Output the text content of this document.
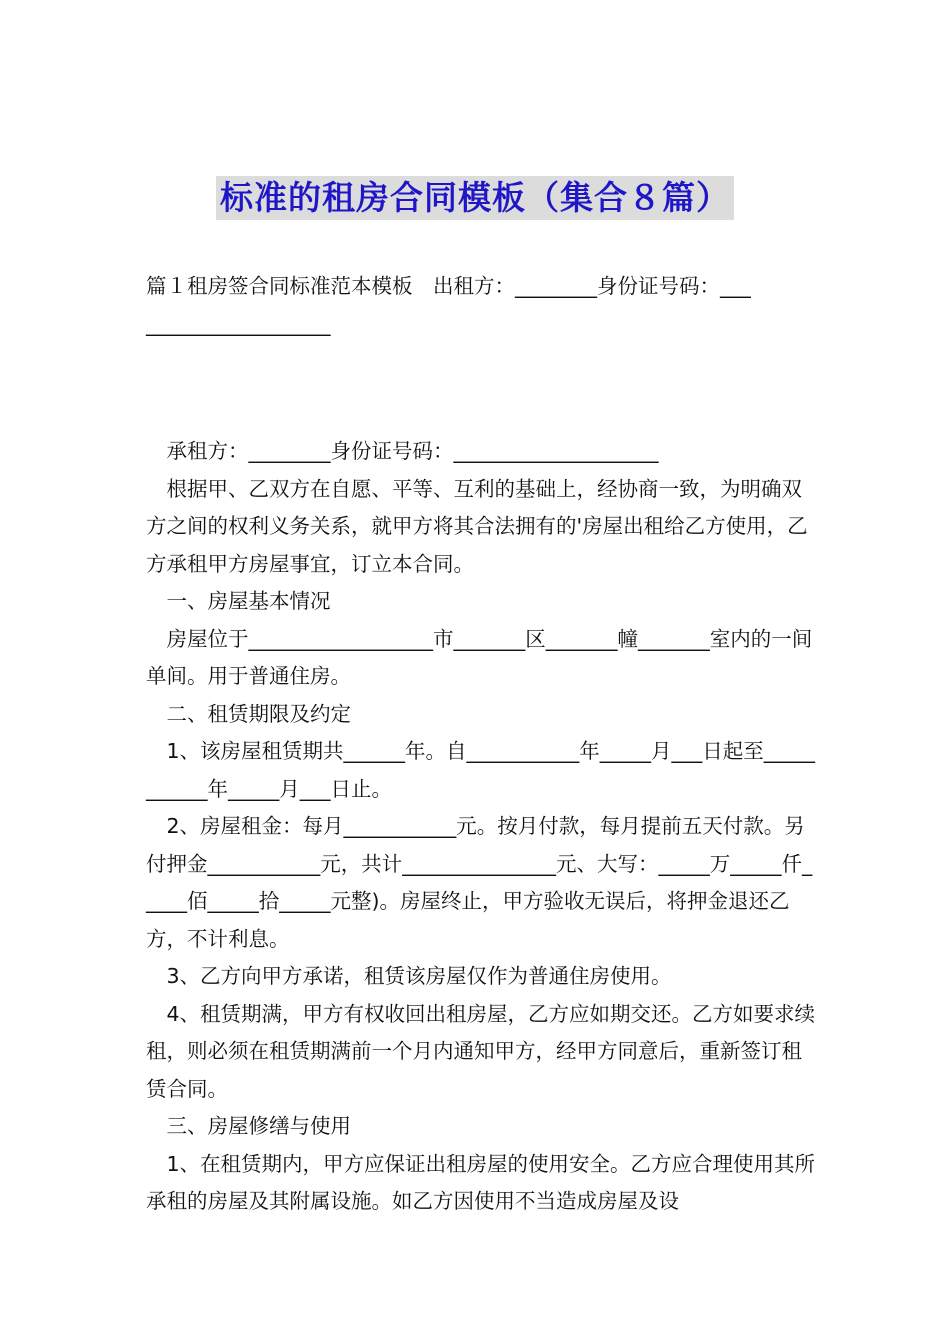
标准的租房合同模板（集合８篇）

篇１租房签合同标准范本模板　出租方：________身份证号码：___

__________________

　承租方：________身份证号码：____________________

　根据甲、乙双方在自愿、平等、互利的基础上，经协商一致，为明确双方之间的权利义务关系，就甲方将其合法拥有的'房屋出租给乙方使用，乙方承租甲方房屋事宜，订立本合同。

　一、房屋基本情况

　房屋位于__________________市_______区_______幢_______室内的一间单间。用于普通住房。

　二、租赁期限及约定

　1、该房屋租赁期共______年。自___________年_____月___日起至___________年_____月___日止。

　2、房屋租金：每月___________元。按月付款，每月提前五天付款。另付押金___________元，共计_______________元、大写：_____万_____仟_____佰_____拾_____元整)。房屋终止，甲方验收无误后，将押金退还乙方，不计利息。

　3、乙方向甲方承诺，租赁该房屋仅作为普通住房使用。

　4、租赁期满，甲方有权收回出租房屋，乙方应如期交还。乙方如要求续租，则必须在租赁期满前一个月内通知甲方，经甲方同意后，重新签订租赁合同。

　三、房屋修缮与使用

　1、在租赁期内，甲方应保证出租房屋的使用安全。乙方应合理使用其所承租的房屋及其附属设施。如乙方因使用不当造成房屋及设
